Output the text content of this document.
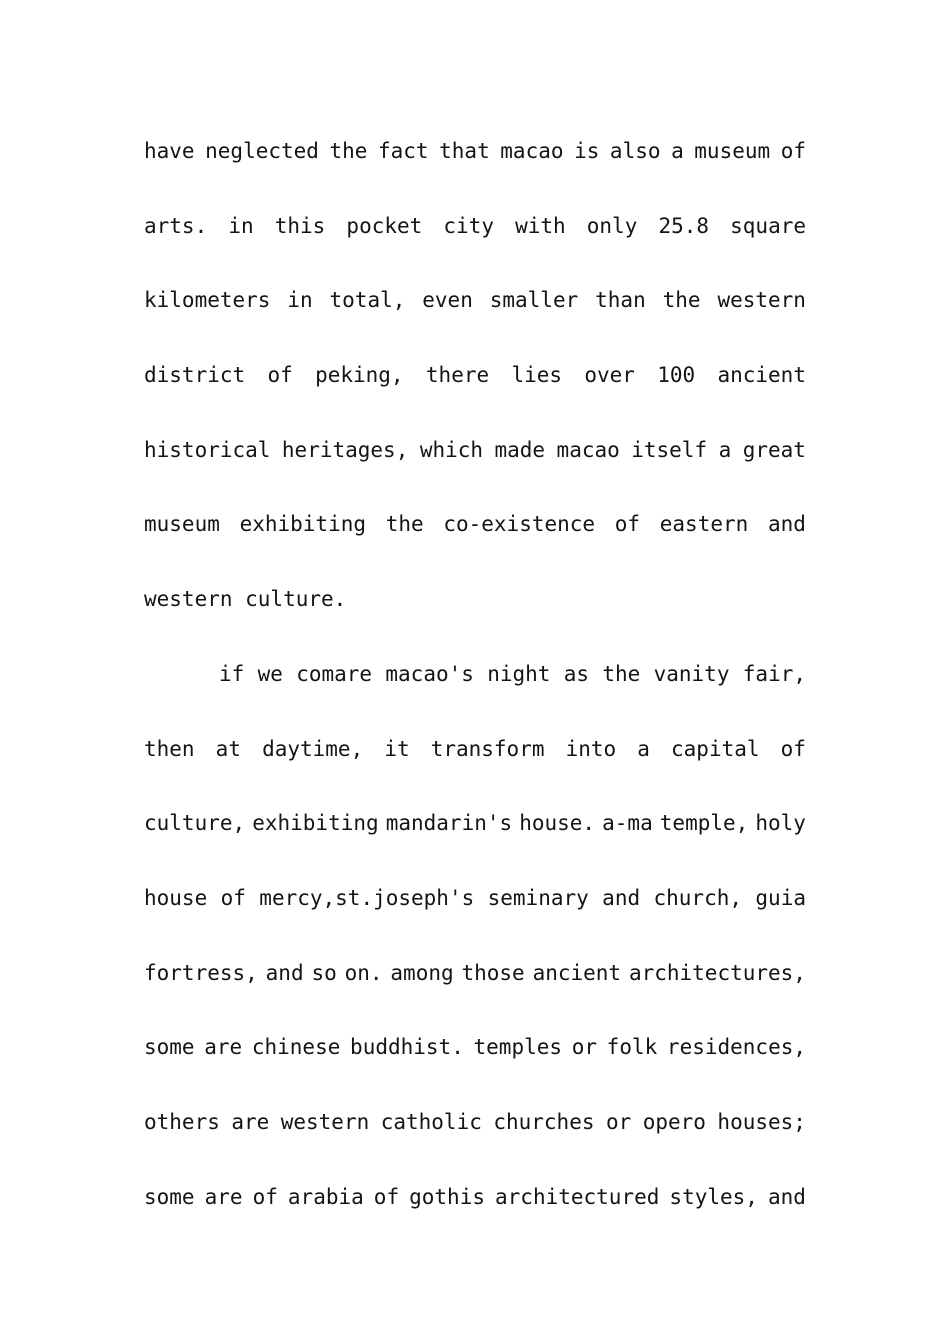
have neglected the fact that macao is also a museum of
arts. in this pocket city with only 25.8 square
kilometers in total, even smaller than the western
district of peking, there lies over 100 ancient
historical heritages, which made macao itself a great
museum exhibiting the co-existence of eastern and
western culture.
if we comare macao's night as the vanity fair,
then at daytime, it transform into a capital of
culture, exhibiting mandarin's house. a-ma temple, holy
house of mercy,st.joseph's seminary and church, guia
fortress, and so on. among those ancient architectures,
some are chinese buddhist. temples or folk residences,
others are western catholic churches or opero houses;
some are of arabia of gothis architectured styles, and
